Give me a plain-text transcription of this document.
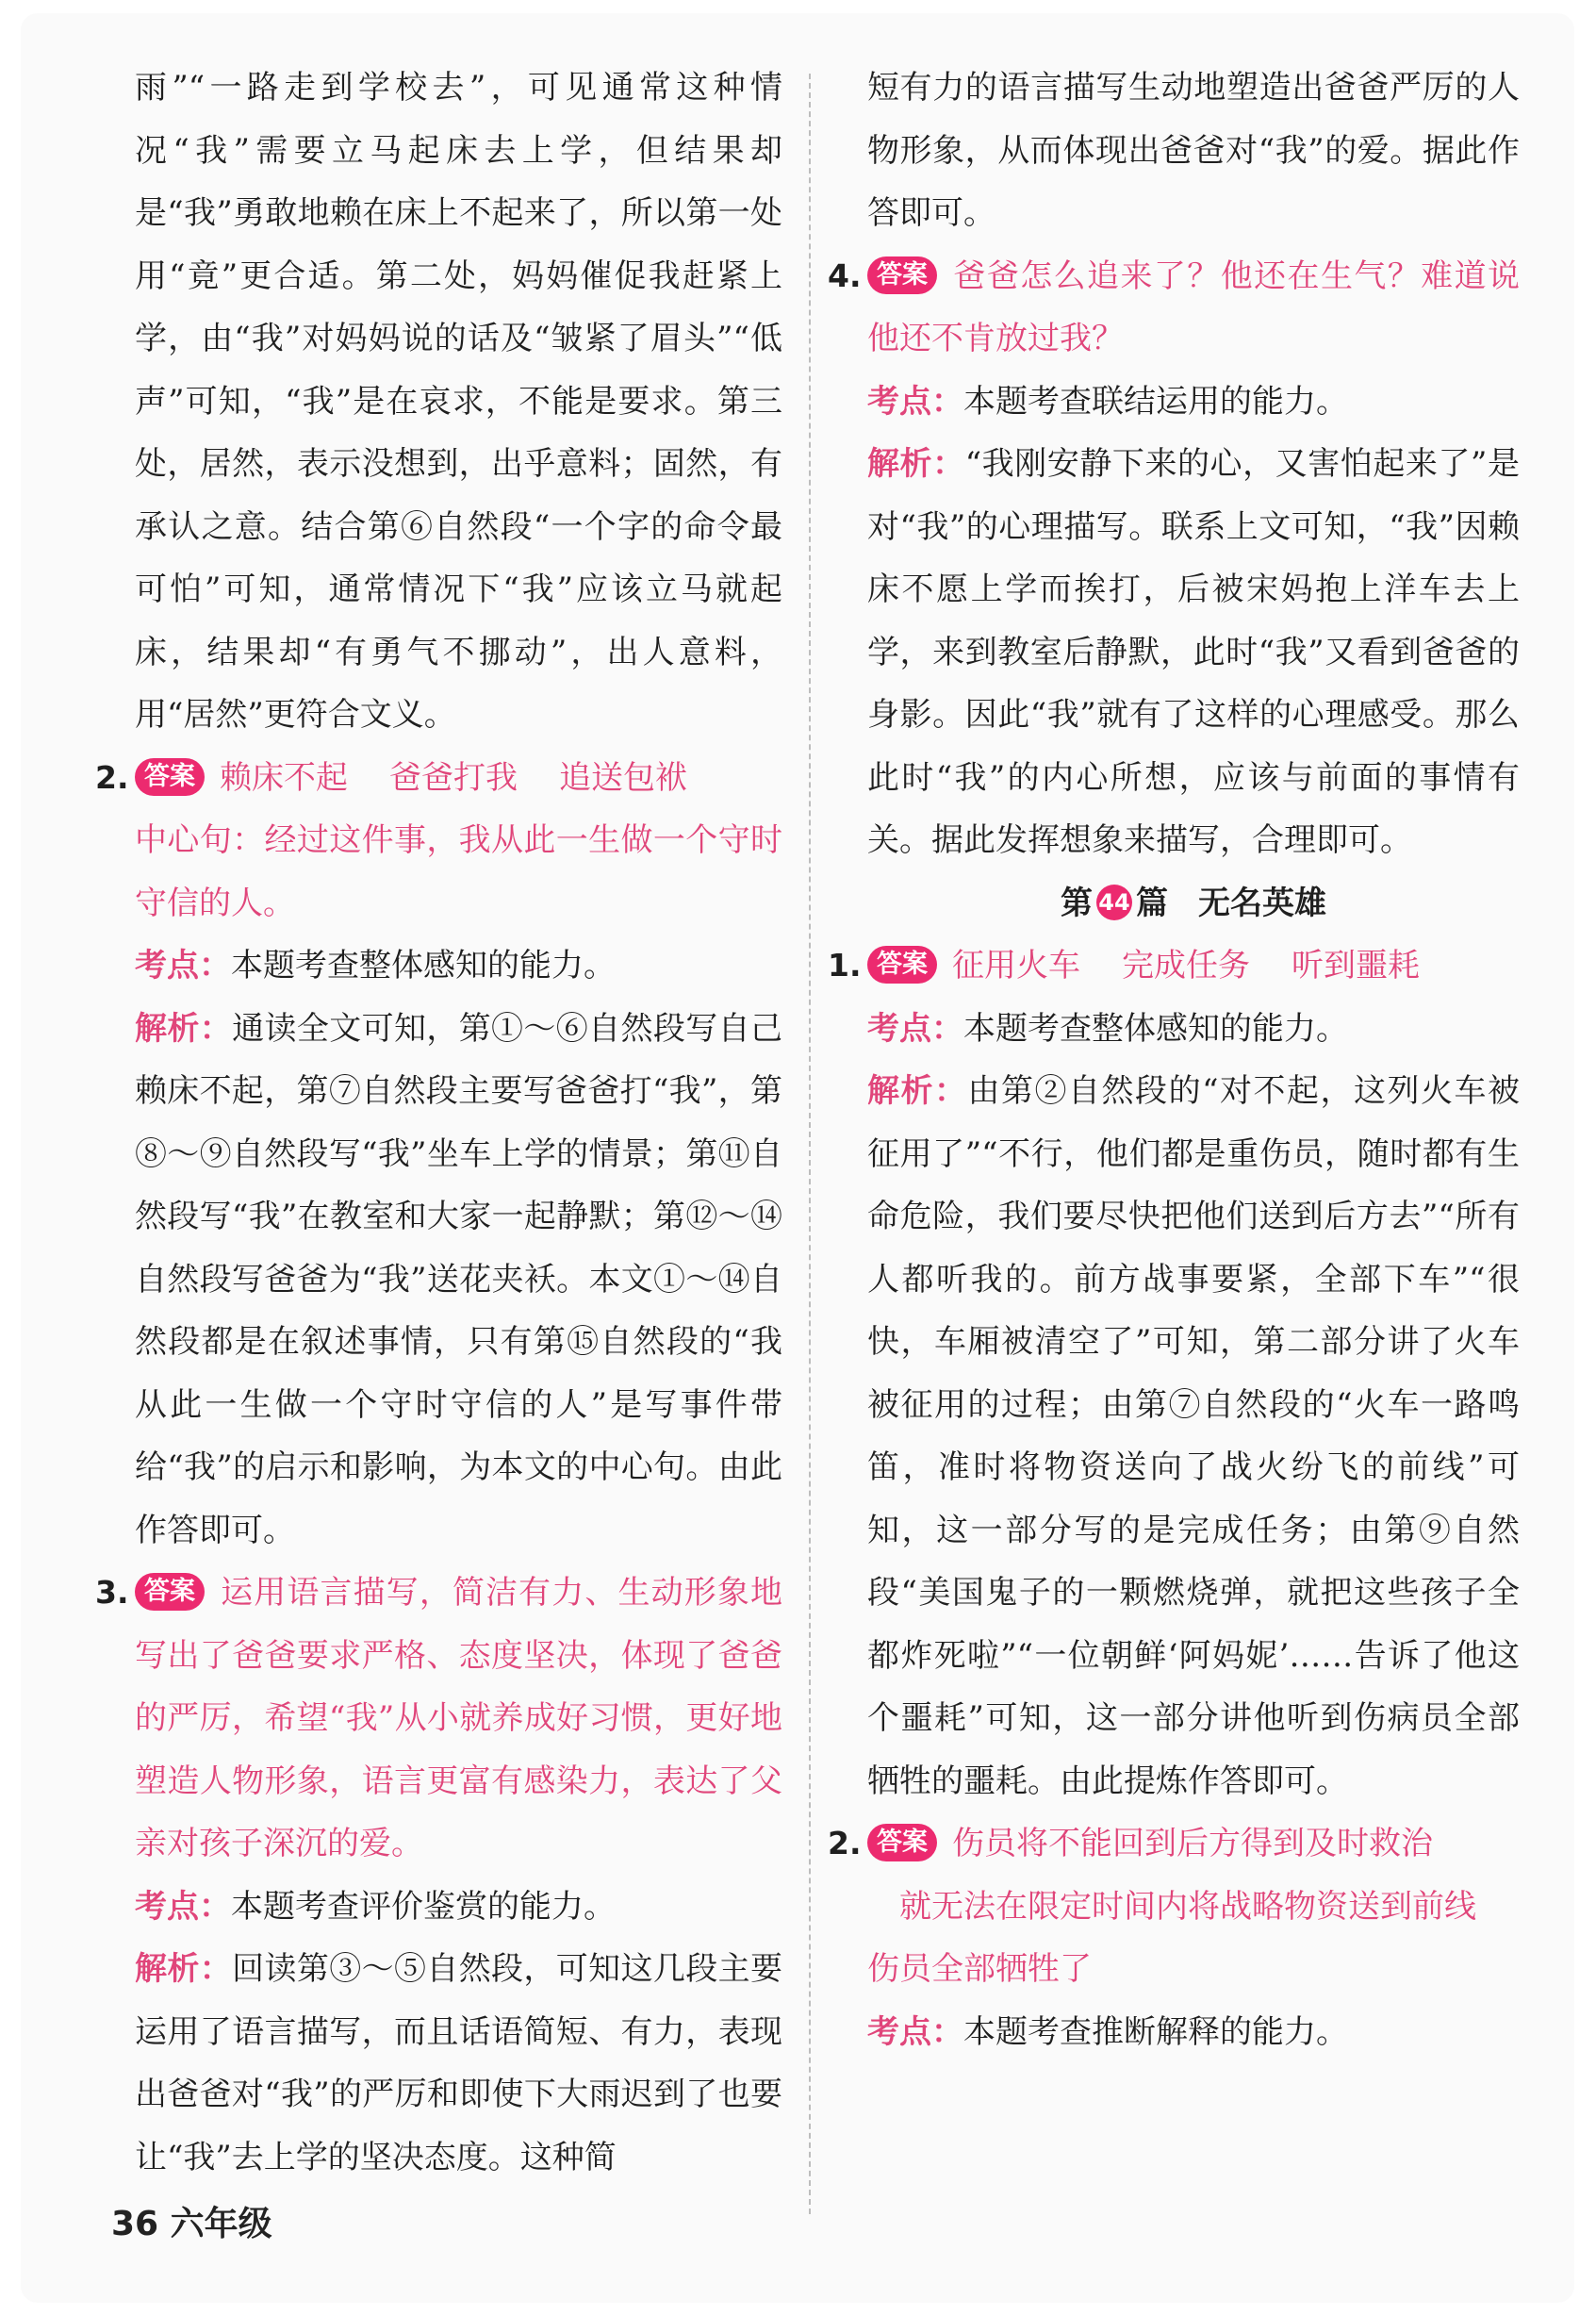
雨”“一路走到学校去”，可见通常这种情况“我”需要立马起床去上学，但结果却是“我”勇敢地赖在床上不起来了，所以第一处用“竟”更合适。第二处，妈妈催促我赶紧上学，由“我”对妈妈说的话及“皱紧了眉头”“低声”可知，“我”是在哀求，不能是要求。第三处，居然，表示没想到，出乎意料；固然，有承认之意。结合第⑥自然段“一个字的命令最可怕”可知，通常情况下“我”应该立马就起床，结果却“有勇气不挪动”，出人意料，用“居然”更符合文义。

2. 答案 赖床不起 爸爸打我 追送包袱
中心句：经过这件事，我从此一生做一个守时守信的人。
考点：本题考查整体感知的能力。
解析：通读全文可知，第①～⑥自然段写自己赖床不起，第⑦自然段主要写爸爸打“我”，第⑧～⑨自然段写“我”坐车上学的情景；第⑪自然段写“我”在教室和大家一起静默；第⑫～⑭自然段写爸爸为“我”送花夹袄。本文①～⑭自然段都是在叙述事情，只有第⑮自然段的“我从此一生做一个守时守信的人”是写事件带给“我”的启示和影响，为本文的中心句。由此作答即可。
3. 答案 运用语言描写，简洁有力、生动形象地写出了爸爸要求严格、态度坚决，体现了爸爸的严厉，希望“我”从小就养成好习惯，更好地塑造人物形象，语言更富有感染力，表达了父亲对孩子深沉的爱。
考点：本题考查评价鉴赏的能力。
解析：回读第③～⑤自然段，可知这几段主要运用了语言描写，而且话语简短、有力，表现出爸爸对“我”的严厉和即使下大雨迟到了也要让“我”去上学的坚决态度。这种简

短有力的语言描写生动地塑造出爸爸严厉的人物形象，从而体现出爸爸对“我”的爱。据此作答即可。

4. 答案 爸爸怎么追来了？他还在生气？难道说他还不肯放过我？
考点：本题考查联结运用的能力。
解析：“我刚安静下来的心，又害怕起来了”是对“我”的心理描写。联系上文可知，“我”因赖床不愿上学而挨打，后被宋妈抱上洋车去上学，来到教室后静默，此时“我”又看到爸爸的身影。因此“我”就有了这样的心理感受。那么此时“我”的内心所想，应该与前面的事情有关。据此发挥想象来描写，合理即可。
第 44 篇 无名英雄
1. 答案 征用火车 完成任务 听到噩耗
考点：本题考查整体感知的能力。
解析：由第②自然段的“对不起，这列火车被征用了”“不行，他们都是重伤员，随时都有生命危险，我们要尽快把他们送到后方去”“所有人都听我的。前方战事要紧，全部下车”“很快，车厢被清空了”可知，第二部分讲了火车被征用的过程；由第⑦自然段的“火车一路鸣笛，准时将物资送向了战火纷飞的前线”可知，这一部分写的是完成任务；由第⑨自然段“美国鬼子的一颗燃烧弹，就把这些孩子全都炸死啦”“一位朝鲜‘阿妈妮’……告诉了他这个噩耗”可知，这一部分讲他听到伤病员全部牺牲的噩耗。由此提炼作答即可。
2. 答案 伤员将不能回到后方得到及时救治
就无法在限定时间内将战略物资送到前线
伤员全部牺牲了
考点：本题考查推断解释的能力。
36 六年级
